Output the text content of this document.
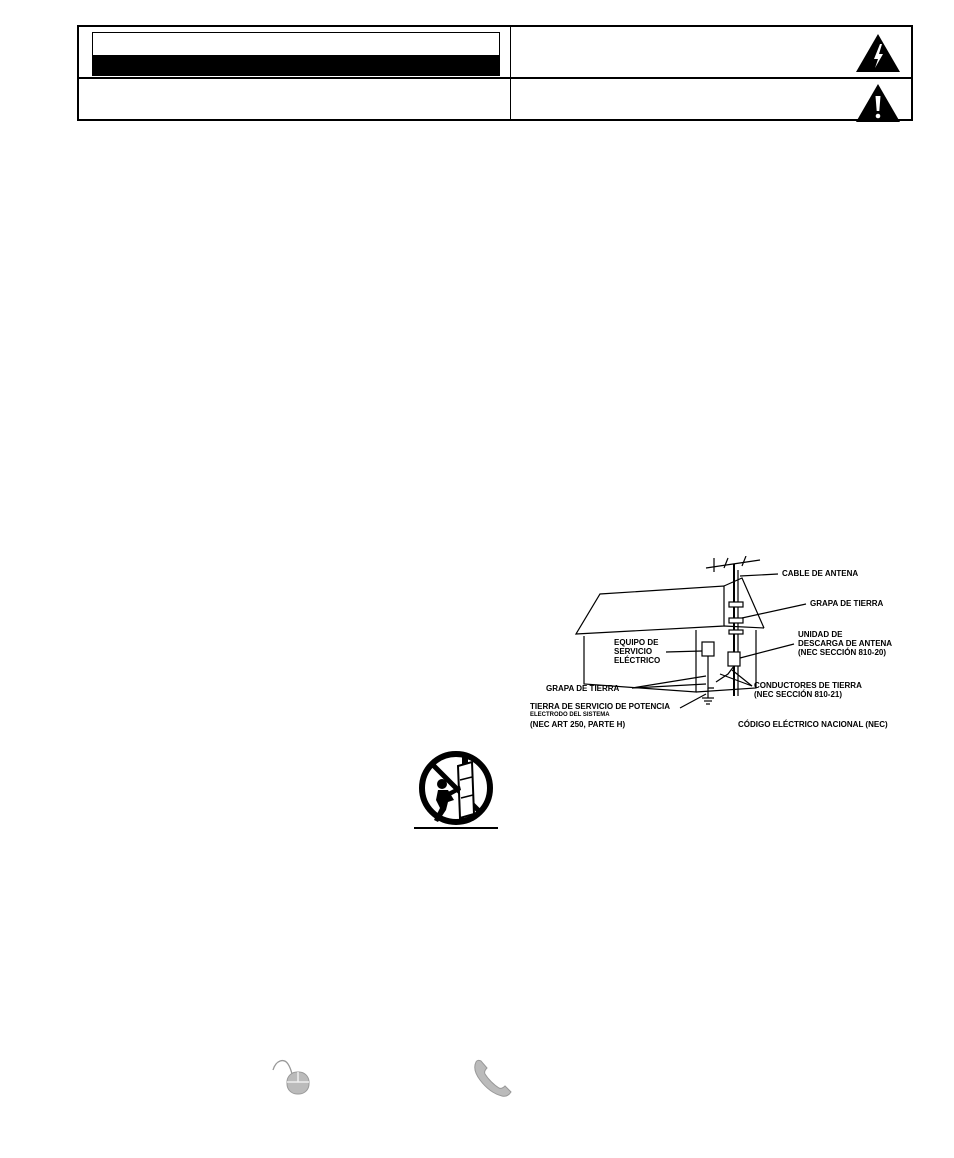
CABLE DE ANTENA
GRAPA DE TIERRA
UNIDAD DE
DESCARGA DE ANTENA
(NEC SECCIÓN 810-20)
EQUIPO DE
SERVICIO
ELÉCTRICO
GRAPA DE TIERRA	CONDUCTORES DE TIERRA
(NEC SECCIÓN 810-21)
TIERRA DE SERVICIO DE POTENCIA
ELECTRODO DEL SISTEMA
(NEC ART 250, PARTE H)	CÓDIGO ELÉCTRICO NACIONAL (NEC)
